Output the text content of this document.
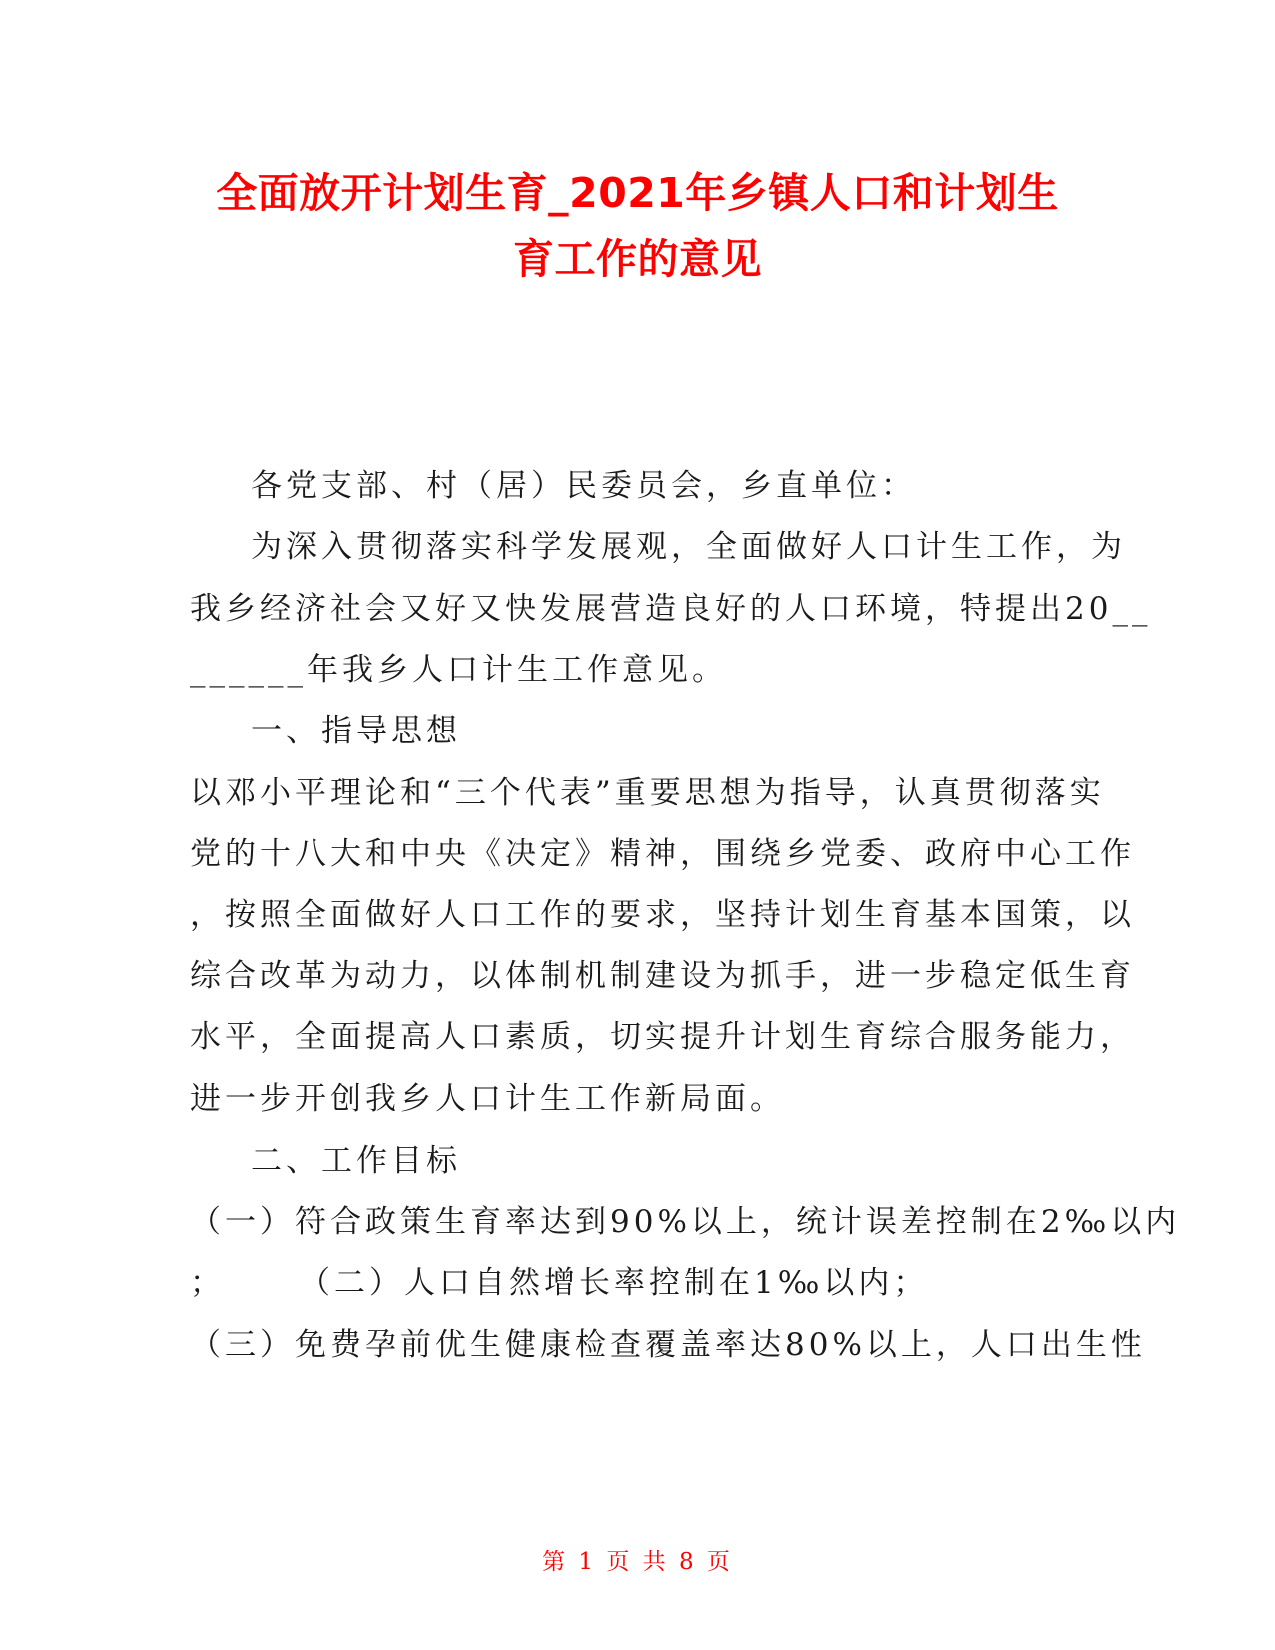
全面放开计划生育_2021年乡镇人口和计划生
育工作的意见
各党支部、村（居）民委员会，乡直单位：
为深入贯彻落实科学发展观，全面做好人口计生工作，为
我乡经济社会又好又快发展营造良好的人口环境，特提出20__
______年我乡人口计生工作意见。
一、指导思想
以邓小平理论和“三个代表”重要思想为指导，认真贯彻落实
党的十八大和中央《决定》精神，围绕乡党委、政府中心工作
，按照全面做好人口工作的要求，坚持计划生育基本国策，以
综合改革为动力，以体制机制建设为抓手，进一步稳定低生育
水平，全面提高人口素质，切实提升计划生育综合服务能力，
进一步开创我乡人口计生工作新局面。
二、工作目标
（一）符合政策生育率达到90%以上，统计误差控制在2‰以内
；　　　（二）人口自然增长率控制在1‰以内；
（三）免费孕前优生健康检查覆盖率达80%以上，人口出生性
第 1 页 共 8 页
